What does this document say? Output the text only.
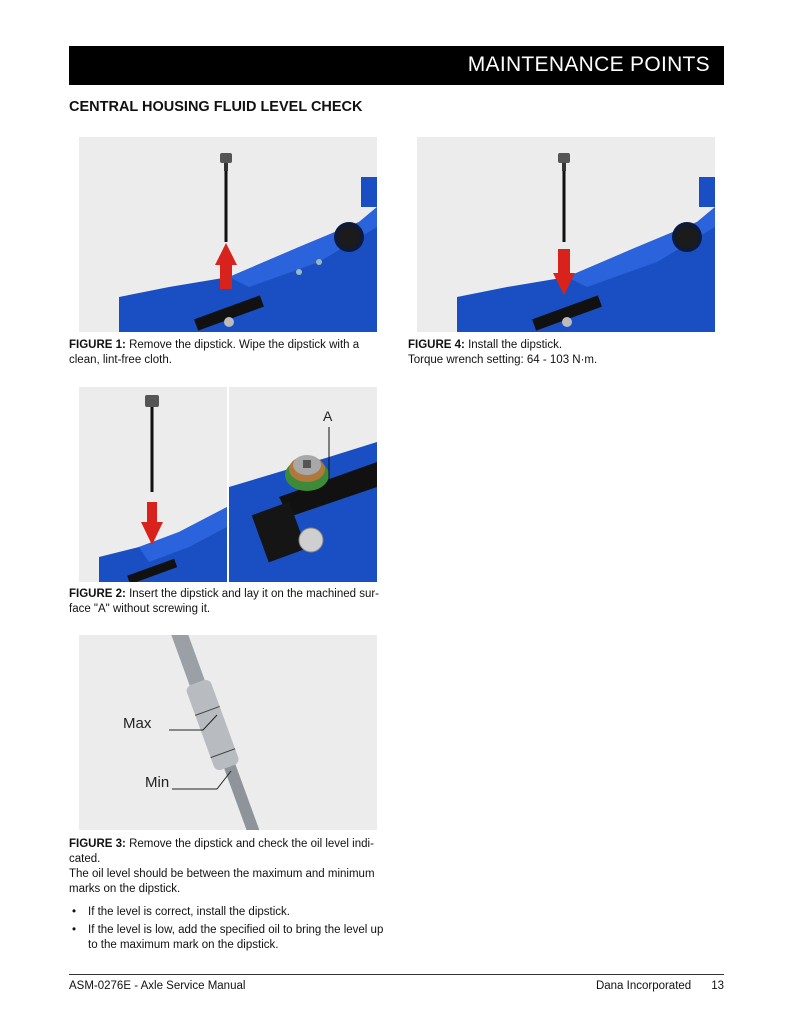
MAINTENANCE POINTS
CENTRAL HOUSING FLUID LEVEL CHECK
FIGURE 1: Remove the dipstick. Wipe the dipstick with a clean, lint-free cloth.
FIGURE 4: Install the dipstick.
Torque wrench setting: 64 - 103 N·m.
A
FIGURE 2: Insert the dipstick and lay it on the machined sur-face "A" without screwing it.
Max
Min
FIGURE 3: Remove the dipstick and check the oil level indi-cated.
The oil level should be between the maximum and minimum marks on the dipstick.
• If the level is correct, install the dipstick.
• If the level is low, add the specified oil to bring the level up to the maximum mark on the dipstick.
ASM-0276E - Axle Service Manual	Dana Incorporated 13
